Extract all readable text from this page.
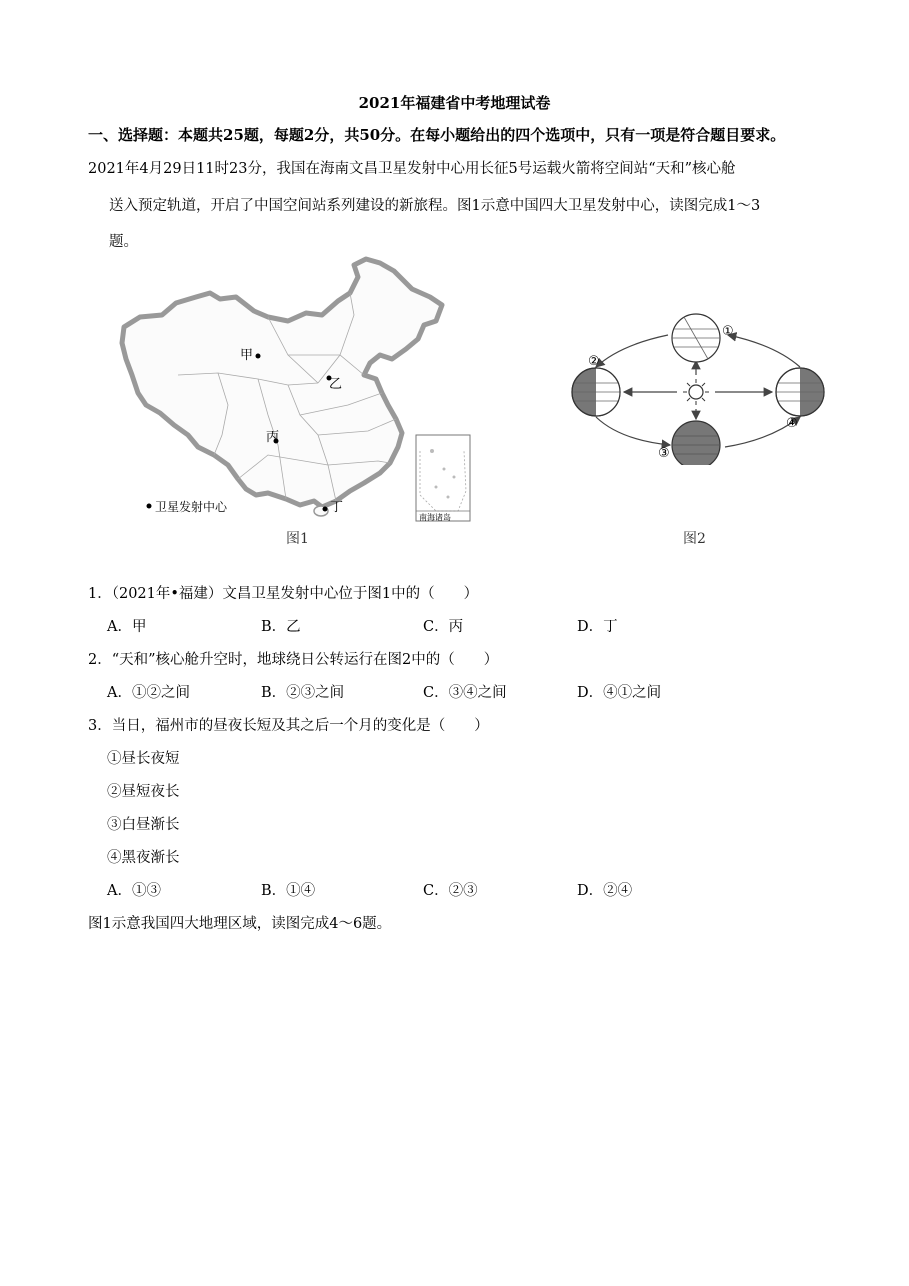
2021年福建省中考地理试卷
一、选择题：本题共25题，每题2分，共50分。在每小题给出的四个选项中，只有一项是符合题目要求。
2021年4月29日11时23分，我国在海南文昌卫星发射中心用长征5号运载火箭将空间站“天和”核心舱
送入预定轨道，开启了中国空间站系列建设的新旅程。图1示意中国四大卫星发射中心，读图完成1～3
题。
甲
乙
丙
丁
卫星发射中心
南海诸岛
图1
①
②
③
④
图2
1．（2021年•福建）文昌卫星发射中心位于图1中的（　　）
A．甲	B．乙	C．丙	D．丁
2．“天和”核心舱升空时，地球绕日公转运行在图2中的（　　）
A．①②之间	B．②③之间	C．③④之间	D．④①之间
3．当日，福州市的昼夜长短及其之后一个月的变化是（　　）
①昼长夜短
②昼短夜长
③白昼渐长
④黑夜渐长
A．①③	B．①④	C．②③	D．②④
图1示意我国四大地理区域，读图完成4～6题。
